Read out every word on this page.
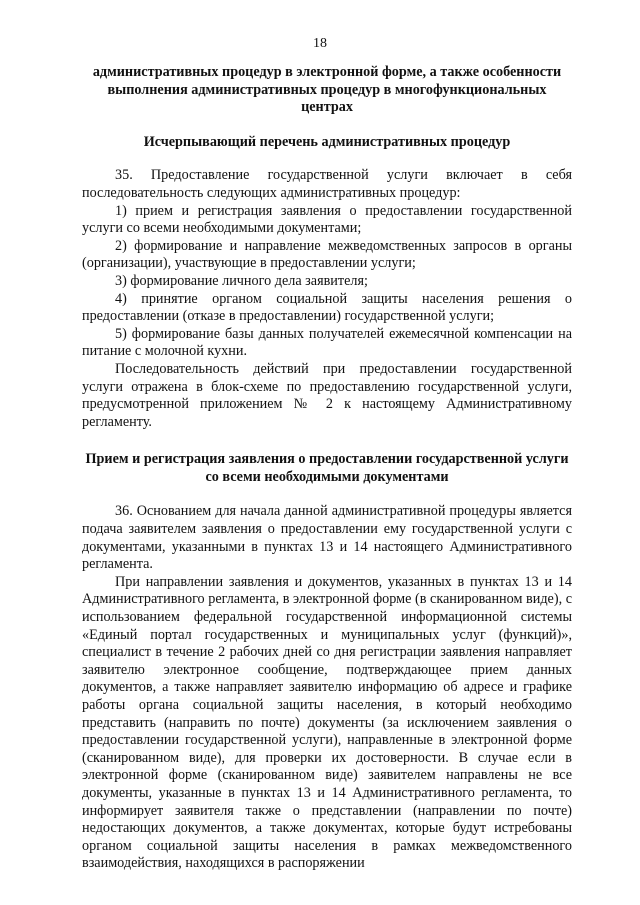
18

административных процедур в электронной форме, а также особенности выполнения административных процедур в многофункциональных центрах

Исчерпывающий перечень административных процедур

35. Предоставление государственной услуги включает в себя последовательность следующих административных процедур:

1) прием и регистрация заявления о предоставлении государственной услуги со всеми необходимыми документами;

2) формирование и направление межведомственных запросов в органы (организации), участвующие в предоставлении услуги;

3) формирование личного дела заявителя;

4) принятие органом социальной защиты населения решения о предоставлении (отказе в предоставлении) государственной услуги;

5) формирование базы данных получателей ежемесячной компенсации на питание с молочной кухни.

Последовательность действий при предоставлении государственной услуги отражена в блок-схеме по предоставлению государственной услуги, предусмотренной приложением № 2 к настоящему Административному регламенту.

Прием и регистрация заявления о предоставлении государственной услуги со всеми необходимыми документами

36. Основанием для начала данной административной процедуры является подача заявителем заявления о предоставлении ему государственной услуги с документами, указанными в пунктах 13 и 14 настоящего Административного регламента.

При направлении заявления и документов, указанных в пунктах 13 и 14 Административного регламента, в электронной форме (в сканированном виде), с использованием федеральной государственной информационной системы «Единый портал государственных и муниципальных услуг (функций)», специалист в течение 2 рабочих дней со дня регистрации заявления направляет заявителю электронное сообщение, подтверждающее прием данных документов, а также направляет заявителю информацию об адресе и графике работы органа социальной защиты населения, в который необходимо представить (направить по почте) документы (за исключением заявления о предоставлении государственной услуги), направленные в электронной форме (сканированном виде), для проверки их достоверности. В случае если в электронной форме (сканированном виде) заявителем направлены не все документы, указанные в пунктах 13 и 14 Административного регламента, то информирует заявителя также о представлении (направлении по почте) недостающих документов, а также документах, которые будут истребованы органом социальной защиты населения в рамках межведомственного взаимодействия, находящихся в распоряжении
